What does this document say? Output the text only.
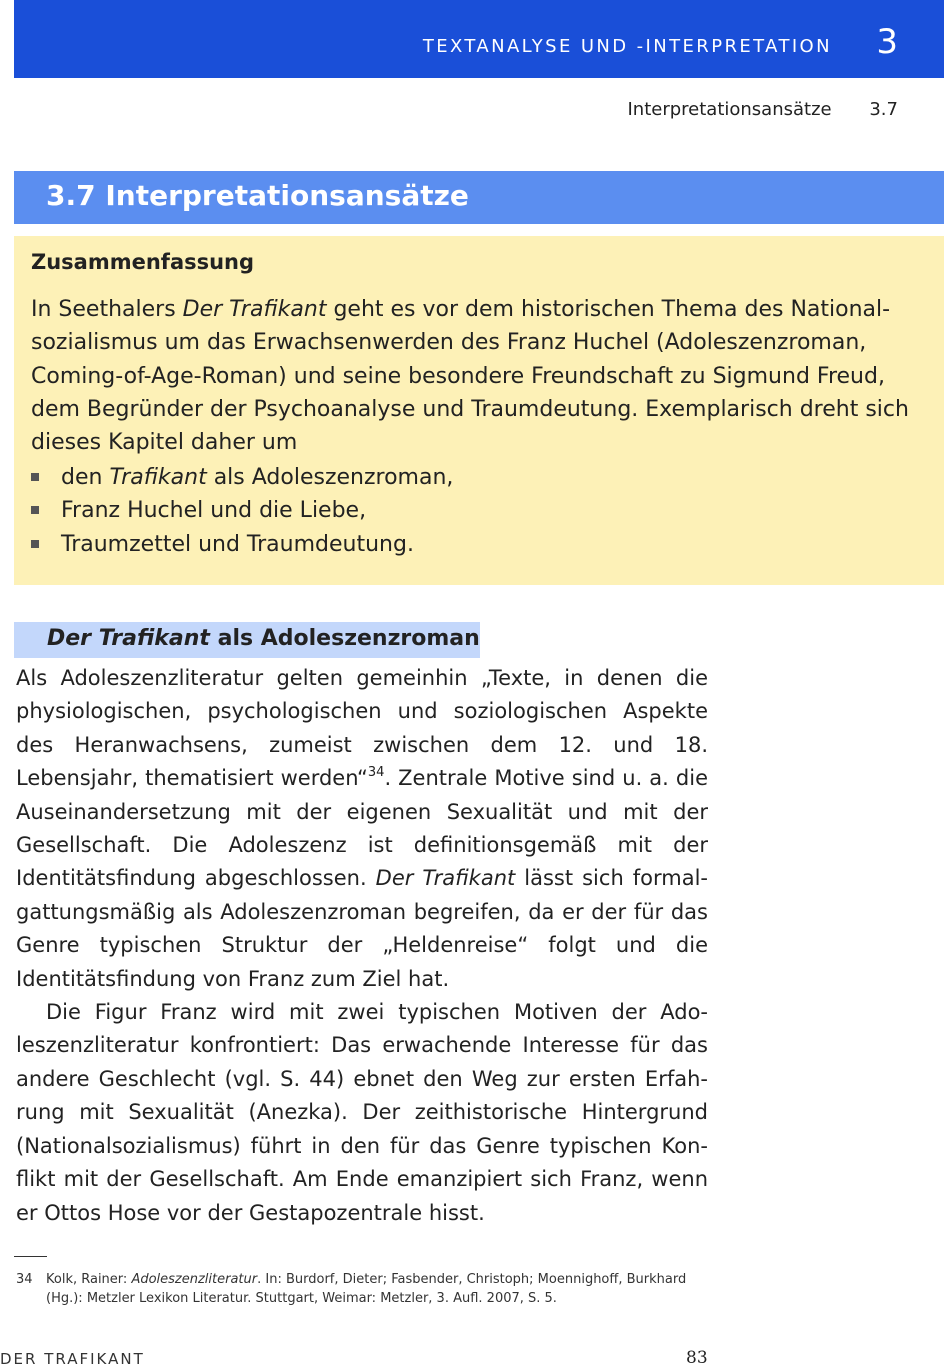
TEXTANALYSE UND -INTERPRETATION 3
Interpretationsansätze 3.7
3.7 Interpretationsansätze
Zusammenfassung

In Seethalers Der Trafikant geht es vor dem historischen Thema des Nationalsozialismus um das Erwachsenwerden des Franz Huchel (Adoleszenzroman, Coming-of-Age-Roman) und seine besondere Freundschaft zu Sigmund Freud, dem Begründer der Psychoanalyse und Traumdeutung. Exemplarisch dreht sich dieses Kapitel daher um

den Trafikant als Adoleszenzroman,
Franz Huchel und die Liebe,
Traumzettel und Traumdeutung.
Der Trafikant als Adoleszenzroman

Als Adoleszenzliteratur gelten gemeinhin „Texte, in denen die physiologischen, psychologischen und soziologischen Aspekte des Heranwachsens, zumeist zwischen dem 12. und 18. Lebensjahr, thematisiert werden“$^{34}$. Zentrale Motive sind u. a. die Auseinandersetzung mit der eigenen Sexualität und mit der Gesellschaft. Die Adoleszenz ist definitionsgemäß mit der Identitätsfindung abgeschlossen. Der Trafikant lässt sich formal-gattungsmäßig als Adoleszenzroman begreifen, da er der für das Genre typischen Struktur der „Heldenreise“ folgt und die Identitätsfindung von Franz zum Ziel hat.

Die Figur Franz wird mit zwei typischen Motiven der Adoleszenzliteratur konfrontiert: Das erwachende Interesse für das andere Geschlecht (vgl. S. 44) ebnet den Weg zur ersten Erfahrung mit Sexualität (Anezka). Der zeithistorische Hintergrund (Nationalsozialismus) führt in den für das Genre typischen Konflikt mit der Gesellschaft. Am Ende emanzipiert sich Franz, wenn er Ottos Hose vor der Gestapozentrale hisst.

34 Kolk, Rainer: Adoleszenzliteratur. In: Burdorf, Dieter; Fasbender, Christoph; Moennighoff, Burkhard (Hg.): Metzler Lexikon Literatur. Stuttgart, Weimar: Metzler, 3. Aufl. 2007, S. 5.
DER TRAFIKANT	83
